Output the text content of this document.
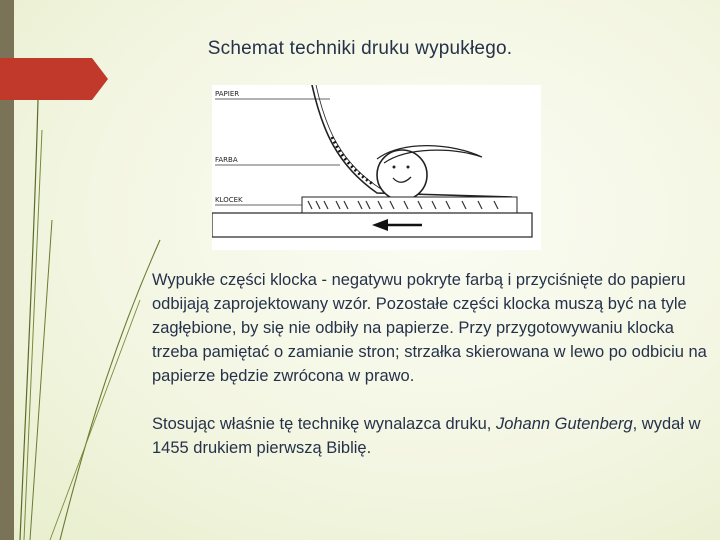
Schemat techniki druku wypukłego.
PAPIER
FARBA
KLOCEK

Wypukłe części klocka - negatywu pokryte farbą i przyciśnięte do papieru odbijają zaprojektowany wzór. Pozostałe części klocka muszą być na tyle zagłębione, by się nie odbiły na papierze. Przy przygotowywaniu klocka trzeba pamiętać o zamianie stron; strzałka skierowana w lewo po odbiciu na papierze będzie zwrócona w prawo.

Stosując właśnie tę technikę wynalazca druku, Johann Gutenberg, wydał w 1455 drukiem pierwszą Biblię.
